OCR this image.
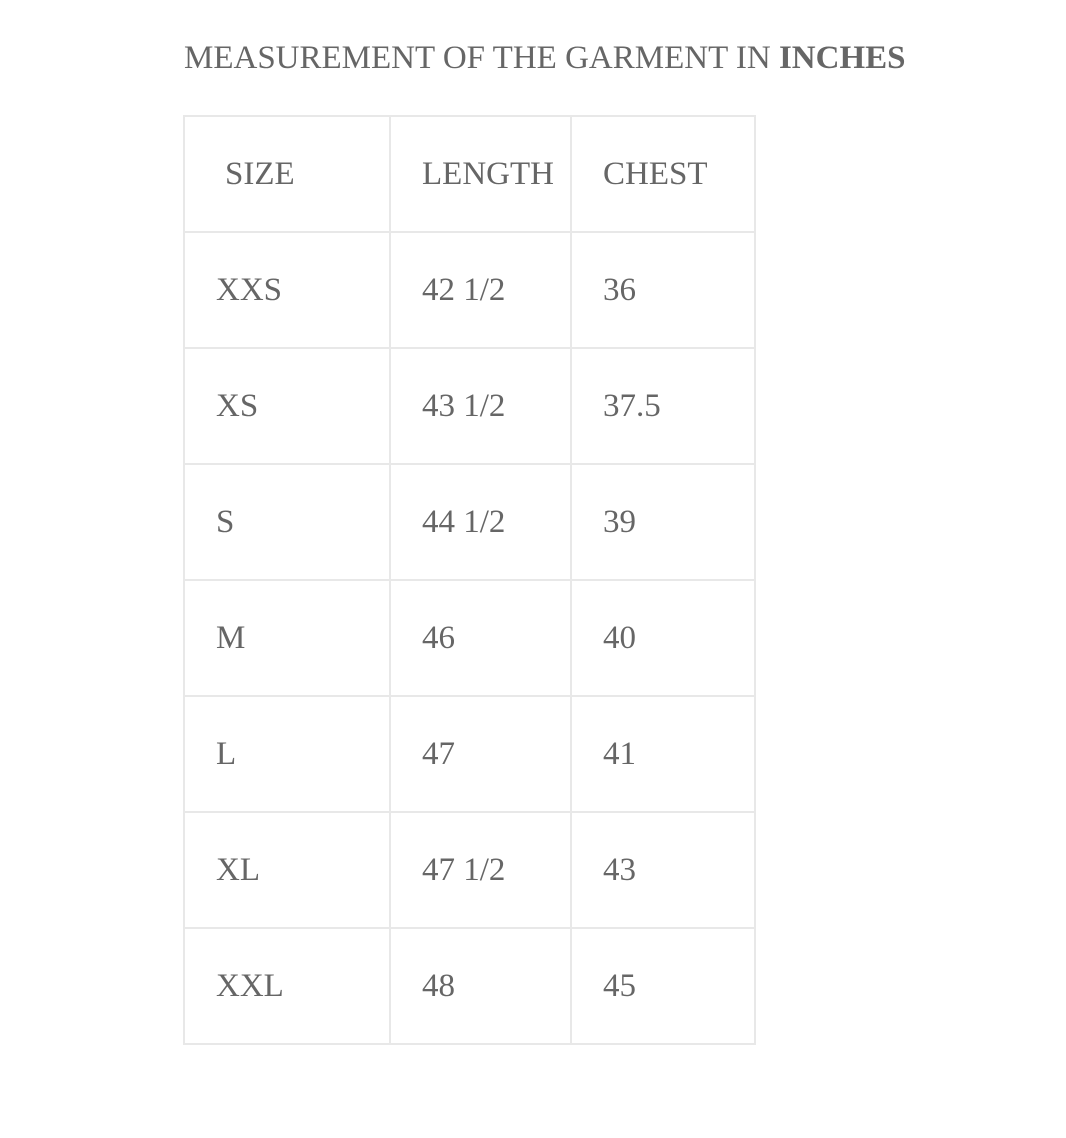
MEASUREMENT OF THE GARMENT IN INCHES
SIZE	LENGTH	CHEST
XXS	42 1/2	36
XS	43 1/2	37.5
S	44 1/2	39
M	46	40
L	47	41
XL	47 1/2	43
XXL	48	45
